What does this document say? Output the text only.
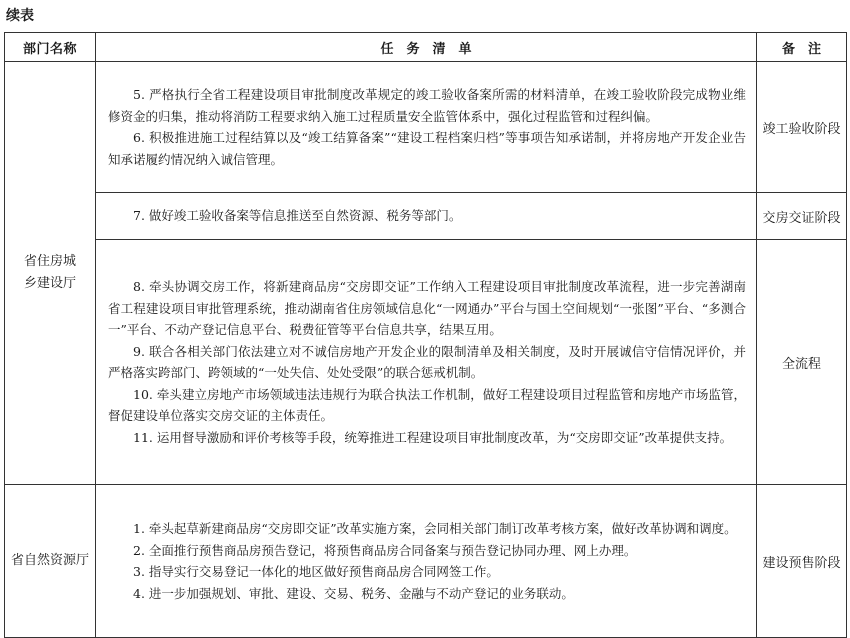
续表
部门名称	任　务　清　单	备　注

省住房城乡建设厅	5. 严格执行全省工程建设项目审批制度改革规定的竣工验收备案所需的材料清单，在竣工验收阶段完成物业维修资金的归集，推动将消防工程要求纳入施工过程质量安全监管体系中，强化过程监管和过程纠偏。

6. 积极推进施工过程结算以及“竣工结算备案”“建设工程档案归档”等事项告知承诺制，并将房地产开发企业告知承诺履约情况纳入诚信管理。	竣工验收阶段

	7. 做好竣工验收备案等信息推送至自然资源、税务等部门。	交房交证阶段

	8. 牵头协调交房工作，将新建商品房“交房即交证”工作纳入工程建设项目审批制度改革流程，进一步完善湖南省工程建设项目审批管理系统，推动湖南省住房领域信息化“一网通办”平台与国土空间规划“一张图”平台、“多测合一”平台、不动产登记信息平台、税费征管等平台信息共享，结果互用。

9. 联合各相关部门依法建立对不诚信房地产开发企业的限制清单及相关制度，及时开展诚信守信情况评价，并严格落实跨部门、跨领域的“一处失信、处处受限”的联合惩戒机制。

10. 牵头建立房地产市场领域违法违规行为联合执法工作机制，做好工程建设项目过程监管和房地产市场监管，督促建设单位落实交房交证的主体责任。

11. 运用督导激励和评价考核等手段，统筹推进工程建设项目审批制度改革，为“交房即交证”改革提供支持。	全流程
省自然资源厅	1. 牵头起草新建商品房“交房即交证”改革实施方案，会同相关部门制订改革考核方案，做好改革协调和调度。

2. 全面推行预售商品房预告登记，将预售商品房合同备案与预告登记协同办理、网上办理。

3. 指导实行交易登记一体化的地区做好预售商品房合同网签工作。

4. 进一步加强规划、审批、建设、交易、税务、金融与不动产登记的业务联动。	建设预售阶段
